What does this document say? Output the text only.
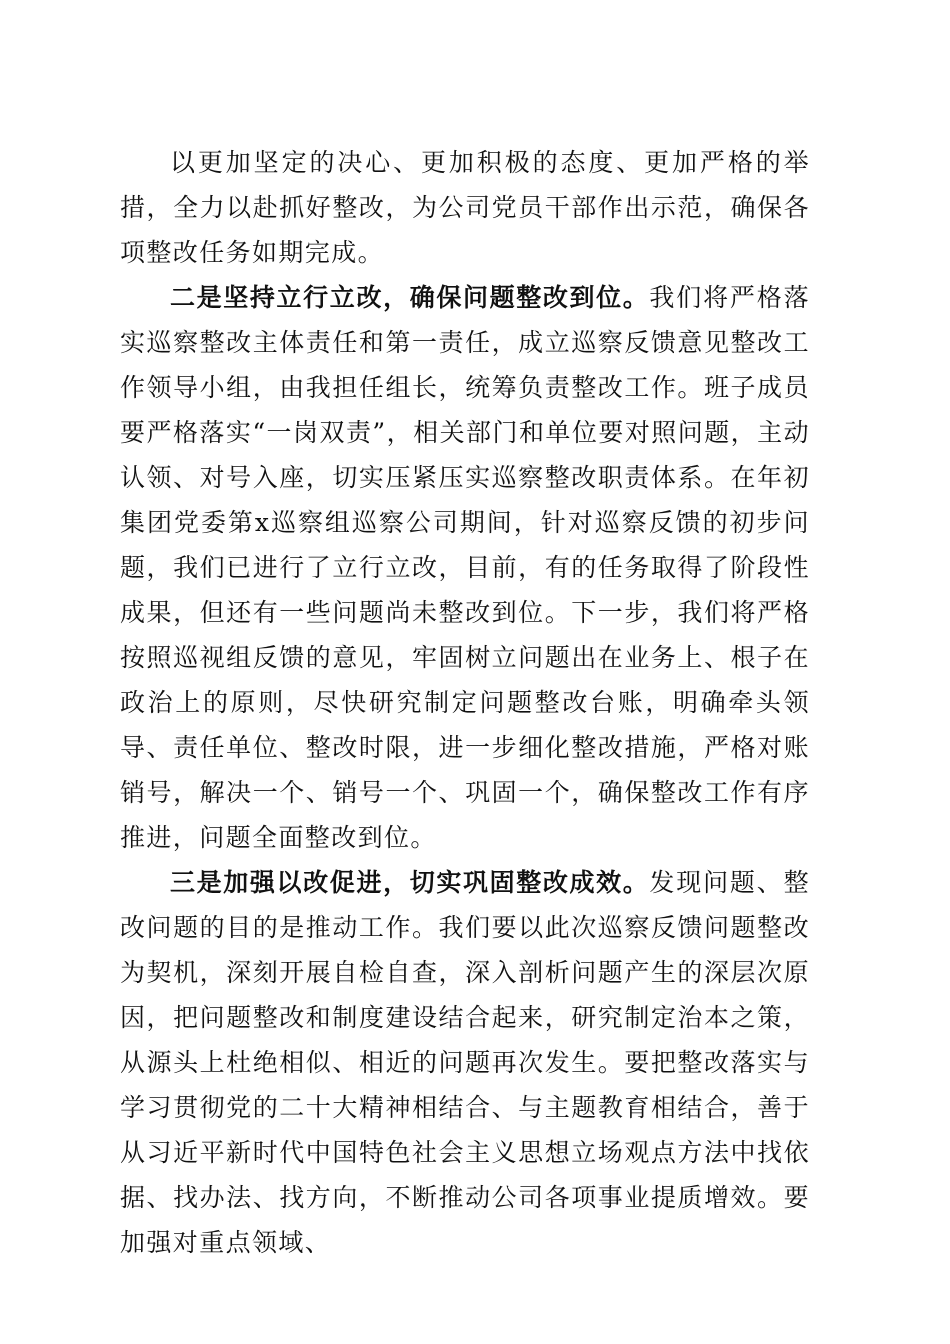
以更加坚定的决心、更加积极的态度、更加严格的举措，全力以赴抓好整改，为公司党员干部作出示范，确保各项整改任务如期完成。

二是坚持立行立改，确保问题整改到位。我们将严格落实巡察整改主体责任和第一责任，成立巡察反馈意见整改工作领导小组，由我担任组长，统筹负责整改工作。班子成员要严格落实“一岗双责”，相关部门和单位要对照问题，主动认领、对号入座，切实压紧压实巡察整改职责体系。在年初集团党委第x巡察组巡察公司期间，针对巡察反馈的初步问题，我们已进行了立行立改，目前，有的任务取得了阶段性成果，但还有一些问题尚未整改到位。下一步，我们将严格按照巡视组反馈的意见，牢固树立问题出在业务上、根子在政治上的原则，尽快研究制定问题整改台账，明确牵头领导、责任单位、整改时限，进一步细化整改措施，严格对账销号，解决一个、销号一个、巩固一个，确保整改工作有序推进，问题全面整改到位。

三是加强以改促进，切实巩固整改成效。发现问题、整改问题的目的是推动工作。我们要以此次巡察反馈问题整改为契机，深刻开展自检自查，深入剖析问题产生的深层次原因，把问题整改和制度建设结合起来，研究制定治本之策，从源头上杜绝相似、相近的问题再次发生。要把整改落实与学习贯彻党的二十大精神相结合、与主题教育相结合，善于从习近平新时代中国特色社会主义思想立场观点方法中找依据、找办法、找方向，不断推动公司各项事业提质增效。要加强对重点领域、
